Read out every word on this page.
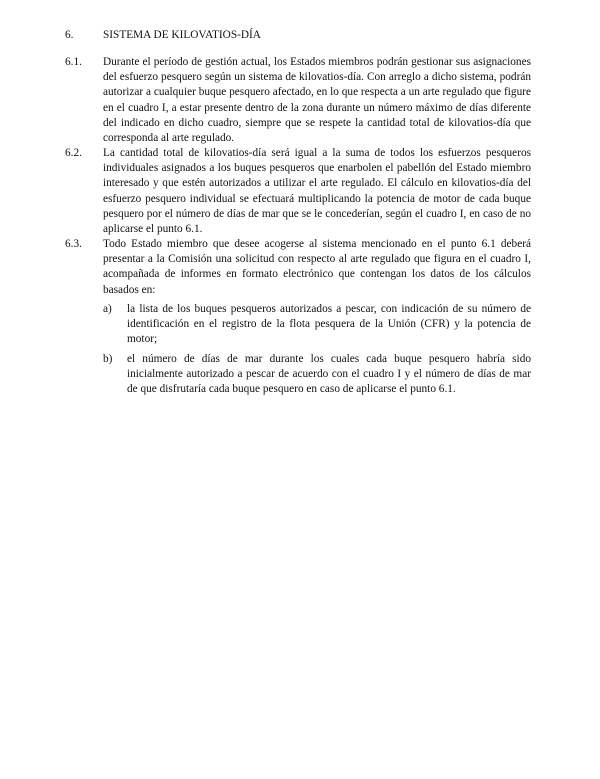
6.	SISTEMA DE KILOVATIOS-DÍA
6.1.	Durante el período de gestión actual, los Estados miembros podrán gestionar sus asignaciones del esfuerzo pesquero según un sistema de kilovatios-día. Con arreglo a dicho sistema, podrán autorizar a cualquier buque pesquero afectado, en lo que respecta a un arte regulado que figure en el cuadro I, a estar presente dentro de la zona durante un número máximo de días diferente del indicado en dicho cuadro, siempre que se respete la cantidad total de kilovatios-día que corresponda al arte regulado.
6.2.	La cantidad total de kilovatios-día será igual a la suma de todos los esfuerzos pesqueros individuales asignados a los buques pesqueros que enarbolen el pabellón del Estado miembro interesado y que estén autorizados a utilizar el arte regulado. El cálculo en kilovatios-día del esfuerzo pesquero individual se efectuará multiplicando la potencia de motor de cada buque pesquero por el número de días de mar que se le concederían, según el cuadro I, en caso de no aplicarse el punto 6.1.
6.3.	Todo Estado miembro que desee acogerse al sistema mencionado en el punto 6.1 deberá presentar a la Comisión una solicitud con respecto al arte regulado que figura en el cuadro I, acompañada de informes en formato electrónico que contengan los datos de los cálculos basados en:
a)	la lista de los buques pesqueros autorizados a pescar, con indicación de su número de identificación en el registro de la flota pesquera de la Unión (CFR) y la potencia de motor;
b)	el número de días de mar durante los cuales cada buque pesquero habría sido inicialmente autorizado a pescar de acuerdo con el cuadro I y el número de días de mar de que disfrutaría cada buque pesquero en caso de aplicarse el punto 6.1.
